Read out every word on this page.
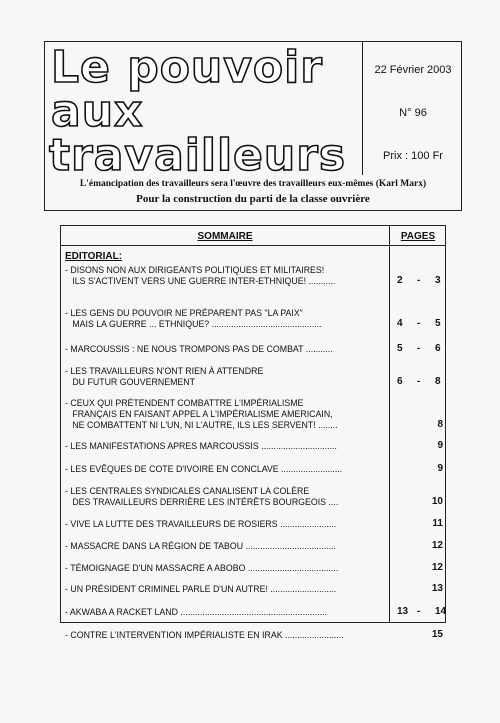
Le pouvoir

aux

travailleurs

22 Février 2003
N° 96
Prix : 100 Fr
L'émancipation des travailleurs sera l'œuvre des travailleurs eux-mêmes (Karl Marx)
Pour la construction du parti de la classe ouvrière
SOMMAIRE	PAGES
EDITORIAL:
- DISONS NON AUX DIRIGEANTS POLITIQUES ET MILITAIRES!
ILS S'ACTIVENT VERS UNE GUERRE INTER-ETHNIQUE! ...........	2 - 3
- LES GENS DU POUVOIR NE PRÉPARENT PAS "LA PAIX"
MAIS LA GUERRE ... ETHNIQUE? .............................................	4 - 5
- MARCOUSSIS : NE NOUS TROMPONS PAS DE COMBAT ...........	5 - 6
- LES TRAVAILLEURS N'ONT RIEN À ATTENDRE
DU FUTUR GOUVERNEMENT	6 - 8
- CEUX QUI PRÉTENDENT COMBATTRE L'IMPÉRIALISME
FRANÇAIS EN FAISANT APPEL A L'IMPÉRIALISME AMERICAIN,
NE COMBATTENT NI L'UN, NI L'AUTRE, ILS LES SERVENT! ........	8
- LES MANIFESTATIONS APRES MARCOUSSIS ...............................	9
- LES EVÊQUES DE COTE D'IVOIRE EN CONCLAVE .........................	9
- LES CENTRALES SYNDICALES CANALISENT LA COLÈRE
DES TRAVAILLEURS DERRIÈRE LES INTÉRÊTS BOURGEOIS ....	10
- VIVE LA LUTTE DES TRAVAILLEURS DE ROSIERS .......................	11
- MASSACRE DANS LA RÉGION DE TABOU .....................................	12
- TÉMOIGNAGE D'UN MASSACRE A ABOBO .....................................	12
- UN PRÉSIDENT CRIMINEL PARLE D'UN AUTRE! ...........................	13
- AKWABA A RACKET LAND ............................................................	13 - 14
- CONTRE L'INTERVENTION IMPÉRIALISTE EN IRAK ........................	15
